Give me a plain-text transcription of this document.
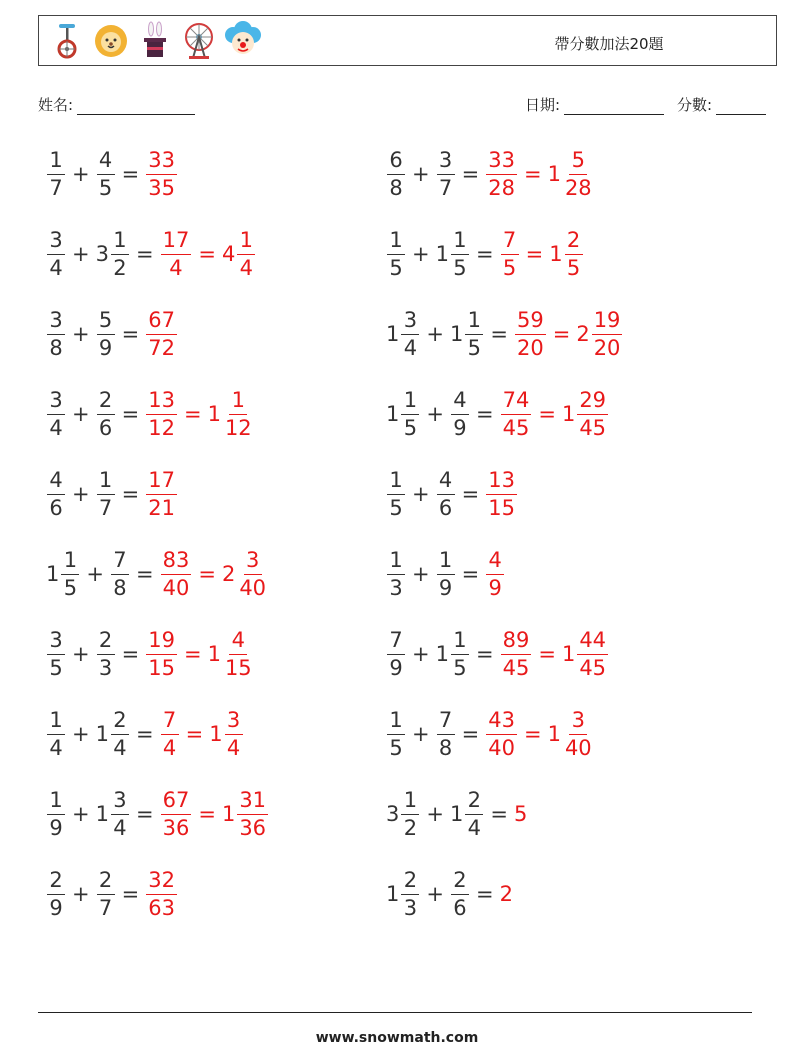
帶分數加法20題
姓名:	日期:	分數:
$\frac{1}{7} + \frac{4}{5} = \frac{33}{35}$	$\frac{6}{8} + \frac{3}{7} = \frac{33}{28} = 1 \frac{5}{28}$
$\frac{3}{4} + 3 \frac{1}{2} = \frac{17}{4} = 4 \frac{1}{4}$	$\frac{1}{5} + 1 \frac{1}{5} = \frac{7}{5} = 1 \frac{2}{5}$
$\frac{3}{8} + \frac{5}{9} = \frac{67}{72}$	$1 \frac{3}{4} + 1 \frac{1}{5} = \frac{59}{20} = 2 \frac{19}{20}$
$\frac{3}{4} + \frac{2}{6} = \frac{13}{12} = 1 \frac{1}{12}$	$1 \frac{1}{5} + \frac{4}{9} = \frac{74}{45} = 1 \frac{29}{45}$
$\frac{4}{6} + \frac{1}{7} = \frac{17}{21}$	$\frac{1}{5} + \frac{4}{6} = \frac{13}{15}$
$1 \frac{1}{5} + \frac{7}{8} = \frac{83}{40} = 2 \frac{3}{40}$	$\frac{1}{3} + \frac{1}{9} = \frac{4}{9}$
$\frac{3}{5} + \frac{2}{3} = \frac{19}{15} = 1 \frac{4}{15}$	$\frac{7}{9} + 1 \frac{1}{5} = \frac{89}{45} = 1 \frac{44}{45}$
$\frac{1}{4} + 1 \frac{2}{4} = \frac{7}{4} = 1 \frac{3}{4}$	$\frac{1}{5} + \frac{7}{8} = \frac{43}{40} = 1 \frac{3}{40}$
$\frac{1}{9} + 1 \frac{3}{4} = \frac{67}{36} = 1 \frac{31}{36}$	$3 \frac{1}{2} + 1 \frac{2}{4} = 5$
$\frac{2}{9} + \frac{2}{7} = \frac{32}{63}$	$1 \frac{2}{3} + \frac{2}{6} = 2$
www.snowmath.com
